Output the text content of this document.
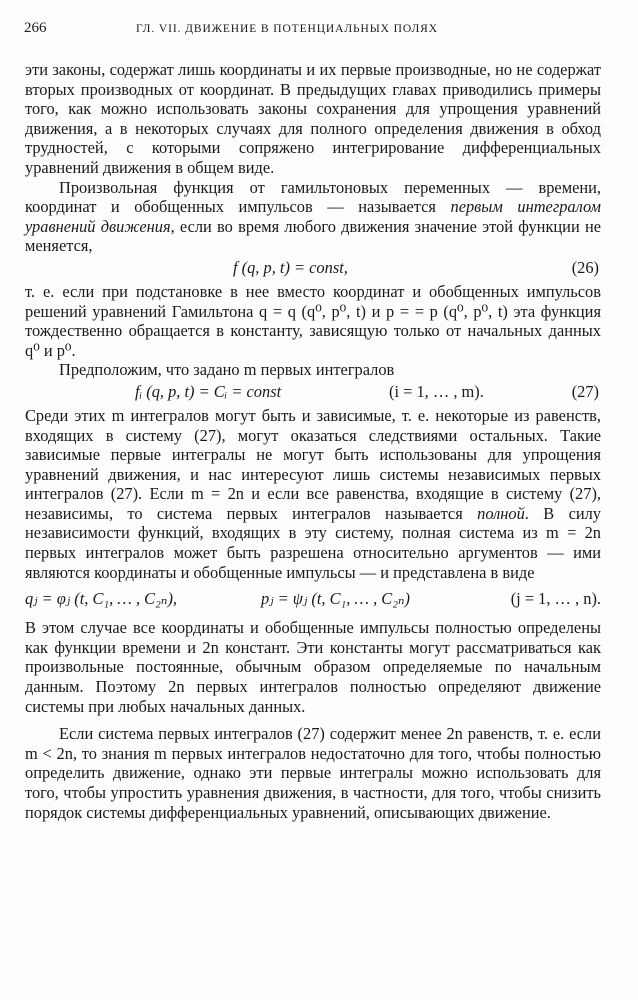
266	ГЛ. VII. ДВИЖЕНИЕ В ПОТЕНЦИАЛЬНЫХ ПОЛЯХ

эти законы, содержат лишь координаты и их первые производные, но не содержат вторых производных от координат. В предыдущих главах приводились примеры того, как можно использовать законы сохранения для упрощения уравнений движения, а в некоторых случаях для полного определения движения в обход трудностей, с которыми сопряжено интегрирование дифференциальных уравнений движения в общем виде.

Произвольная функция от гамильтоновых переменных — времени, координат и обобщенных импульсов — называется первым интегралом уравнений движения, если во время любого движения значение этой функции не меняется,

f (q, p, t) = const,	(26)

т. е. если при подстановке в нее вместо координат и обобщенных импульсов решений уравнений Гамильтона q = q (q⁰, p⁰, t) и p = = p (q⁰, p⁰, t) эта функция тождественно обращается в константу, зависящую только от начальных данных q⁰ и p⁰.

Предположим, что задано m первых интегралов

fᵢ (q, p, t) = Cᵢ = const	(i = 1, … , m).	(27)

Среди этих m интегралов могут быть и зависимые, т. е. некоторые из равенств, входящих в систему (27), могут оказаться следствиями остальных. Такие зависимые первые интегралы не могут быть использованы для упрощения уравнений движения, и нас интересуют лишь системы независимых первых интегралов (27). Если m = 2n и если все равенства, входящие в систему (27), независимы, то система первых интегралов называется полной. В силу независимости функций, входящих в эту систему, полная система из m = 2n первых интегралов может быть разрешена относительно аргументов — ими являются координаты и обобщенные импульсы — и представлена в виде

qⱼ = φⱼ (t, C₁, … , C₂ₙ),	pⱼ = ψⱼ (t, C₁, … , C₂ₙ)	(j = 1, … , n).

В этом случае все координаты и обобщенные импульсы полностью определены как функции времени и 2n констант. Эти константы могут рассматриваться как произвольные постоянные, обычным образом определяемые по начальным данным. Поэтому 2n первых интегралов полностью определяют движение системы при любых начальных данных.

Если система первых интегралов (27) содержит менее 2n равенств, т. е. если m < 2n, то знания m первых интегралов недостаточно для того, чтобы полностью определить движение, однако эти первые интегралы можно использовать для того, чтобы упростить уравнения движения, в частности, для того, чтобы снизить порядок системы дифференциальных уравнений, описывающих движение.
